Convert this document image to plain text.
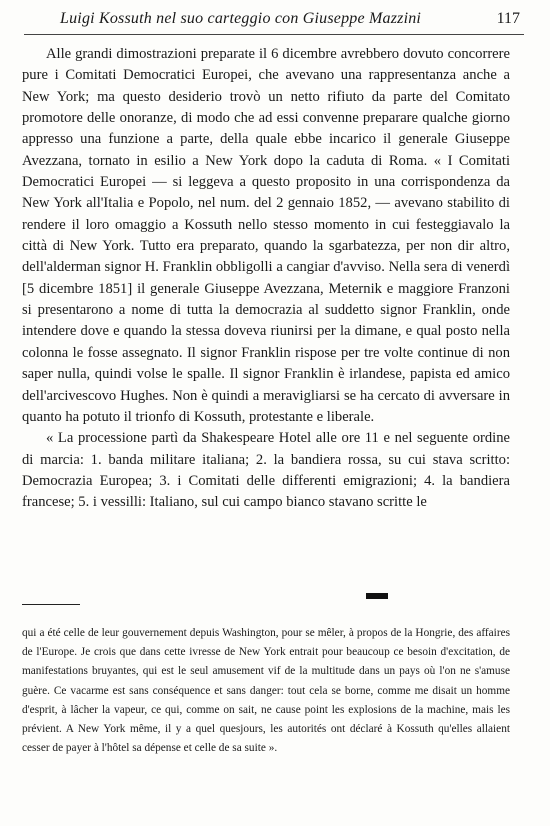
Luigi Kossuth nel suo carteggio con Giuseppe Mazzini	117

Alle grandi dimostrazioni preparate il 6 dicembre avrebbero dovuto concorrere pure i Comitati Democratici Europei, che avevano una rappresentanza anche a New York; ma questo desiderio trovò un netto rifiuto da parte del Comitato promotore delle onoranze, di modo che ad essi convenne preparare qualche giorno appresso una funzione a parte, della quale ebbe incarico il generale Giuseppe Avezzana, tornato in esilio a New York dopo la caduta di Roma. « I Comitati Democratici Europei — si leggeva a questo proposito in una corrispondenza da New York all'Italia e Popolo, nel num. del 2 gennaio 1852, — avevano stabilito di rendere il loro omaggio a Kossuth nello stesso momento in cui festeggiavalo la città di New York. Tutto era preparato, quando la sgarbatezza, per non dir altro, dell'alderman signor H. Franklin obbligolli a cangiar d'avviso. Nella sera di venerdì [5 dicembre 1851] il generale Giuseppe Avezzana, Meternik e maggiore Franzoni si presentarono a nome di tutta la democrazia al suddetto signor Franklin, onde intendere dove e quando la stessa doveva riunirsi per la dimane, e qual posto nella colonna le fosse assegnato. Il signor Franklin rispose per tre volte continue di non saper nulla, quindi volse le spalle. Il signor Franklin è irlandese, papista ed amico dell'arcivescovo Hughes. Non è quindi a meravigliarsi se ha cercato di avversare in quanto ha potuto il trionfo di Kossuth, protestante e liberale.

« La processione partì da Shakespeare Hotel alle ore 11 e nel seguente ordine di marcia: 1. banda militare italiana; 2. la bandiera rossa, su cui stava scritto: Democrazia Europea; 3. i Comitati delle differenti emigrazioni; 4. la bandiera francese; 5. i vessilli: Italiano, sul cui campo bianco stavano scritte le

qui a été celle de leur gouvernement depuis Washington, pour se mêler, à propos de la Hongrie, des affaires de l'Europe. Je crois que dans cette ivresse de New York entrait pour beaucoup ce besoin d'excitation, de manifestations bruyantes, qui est le seul amusement vif de la multitude dans un pays où l'on ne s'amuse guère. Ce vacarme est sans conséquence et sans danger: tout cela se borne, comme me disait un homme d'esprit, à lâcher la vapeur, ce qui, comme on sait, ne cause point les explosions de la machine, mais les prévient. A New York même, il y a quel quesjours, les autorités ont déclaré à Kossuth qu'elles allaient cesser de payer à l'hôtel sa dépense et celle de sa suite ».
